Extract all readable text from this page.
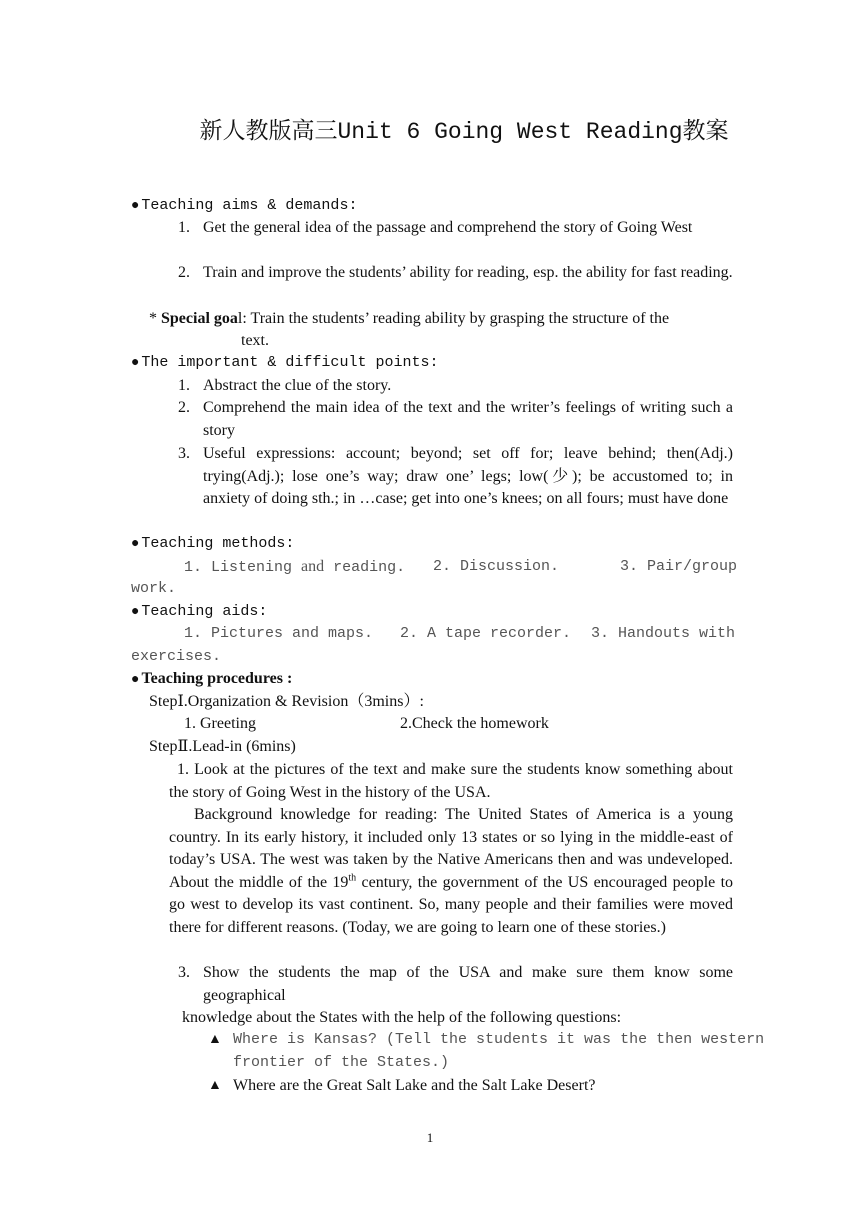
新人教版高三Unit 6 Going West Reading教案
● Teaching aims & demands:
1. Get the general idea of the passage and comprehend the story of Going West
2. Train and improve the students’ ability for reading, esp. the ability for fast reading.
* Special goal: Train the students’ reading ability by grasping the structure of the
text.
● The important & difficult points:
1. Abstract the clue of the story.
2. Comprehend the main idea of the text and the writer’s feelings of writing such a story
3. Useful expressions: account; beyond; set off for; leave behind; then(Adj.) trying(Adj.); lose one’s way; draw one’ legs; low(少); be accustomed to; in anxiety of doing sth.; in …case; get into one’s knees; on all fours; must have done
● Teaching methods:
1. Listening and reading. 2. Discussion.	3. Pair/group
work.
● Teaching aids:
1. Pictures and maps. 2. A tape recorder. 3. Handouts with
exercises.
● Teaching procedures :
StepⅠ.Organization & Revision（3mins）:
1. Greeting	2.Check the homework
StepⅡ.Lead-in (6mins)
1. Look at the pictures of the text and make sure the students know something about the story of Going West in the history of the USA.
Background knowledge for reading: The United States of America is a young country. In its early history, it included only 13 states or so lying in the middle-east of today’s USA. The west was taken by the Native Americans then and was undeveloped. About the middle of the 19th century, the government of the US encouraged people to go west to develop its vast continent. So, many people and their families were moved there for different reasons. (Today, we are going to learn one of these stories.)
3. Show the students the map of the USA and make sure them know some geographical
knowledge about the States with the help of the following questions:
▲ Where is Kansas? (Tell the students it was the then western
frontier of the States.)
▲ Where are the Great Salt Lake and the Salt Lake Desert?
1
